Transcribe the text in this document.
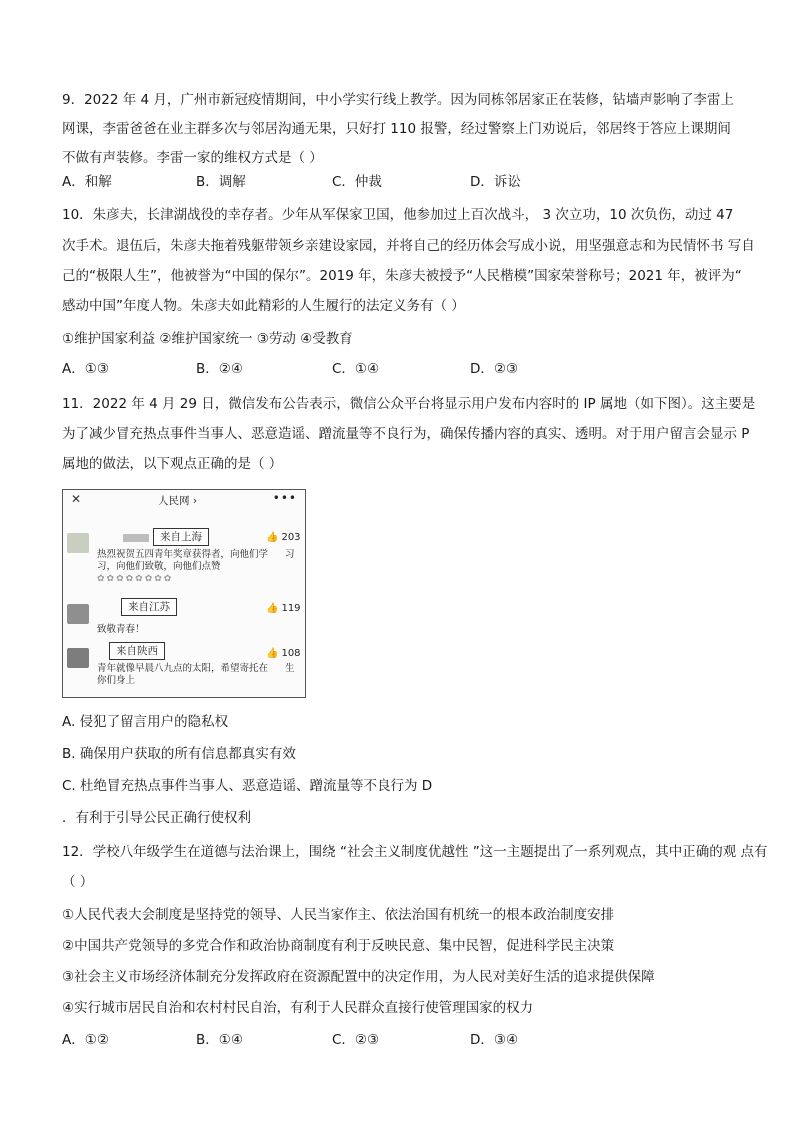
9．2022 年 4 月，广州市新冠疫情期间，中小学实行线上教学。因为同栋邻居家正在装修，钻墙声影响了李雷上
网课，李雷爸爸在业主群多次与邻居沟通无果，只好打 110 报警，经过警察上门劝说后，邻居终于答应上课期间
不做有声装修。李雷一家的维权方式是（ ）
A．和解	B．调解	C．仲裁	D．诉讼
10．朱彦夫，长津湖战役的幸存者。少年从军保家卫国，他参加过上百次战斗， 3 次立功，10 次负伤，动过 47
次手术。退伍后，朱彦夫拖着残躯带领乡亲建设家园，并将自己的经历体会写成小说，用坚强意志和为民情怀书 写自
己的“极限人生”，他被誉为“中国的保尔”。2019 年，朱彦夫被授予“人民楷模”国家荣誉称号；2021 年，被评为“
感动中国”年度人物。朱彦夫如此精彩的人生履行的法定义务有（ ）
①维护国家利益 ②维护国家统一 ③劳动 ④受教育
A．①③	B．②④	C．①④	D．②③
11．2022 年 4 月 29 日，微信发布公告表示，微信公众平台将显示用户发布内容时的 IP 属地（如下图）。这主要是
为了减少冒充热点事件当事人、恶意造谣、蹭流量等不良行为，确保传播内容的真实、透明。对于用户留言会显示 P
属地的做法，以下观点正确的是（ ）
✕	人民网 ›	•••
来自上海	👍 203
热烈祝贺五四青年奖章获得者，向他们学
习，向他们致敬，向他们点赞
习
✿✿✿✿✿✿✿✿
来自江苏	👍 119
致敬青春！
来自陕西	👍 108
青年就像早晨八九点的太阳，希望寄托在
你们身上
生
A. 侵犯了留言用户的隐私权
B. 确保用户获取的所有信息都真实有效
C. 杜绝冒充热点事件当事人、恶意造谣、蹭流量等不良行为 D
．有利于引导公民正确行使权利
12．学校八年级学生在道德与法治课上，围绕 “社会主义制度优越性 ”这一主题提出了一系列观点，其中正确的观 点有
（ ）
①人民代表大会制度是坚持党的领导、人民当家作主、依法治国有机统一的根本政治制度安排
②中国共产党领导的多党合作和政治协商制度有利于反映民意、集中民智，促进科学民主决策
③社会主义市场经济体制充分发挥政府在资源配置中的决定作用，为人民对美好生活的追求提供保障
④实行城市居民自治和农村村民自治，有利于人民群众直接行使管理国家的权力
A．①②	B．①④	C．②③	D．③④
